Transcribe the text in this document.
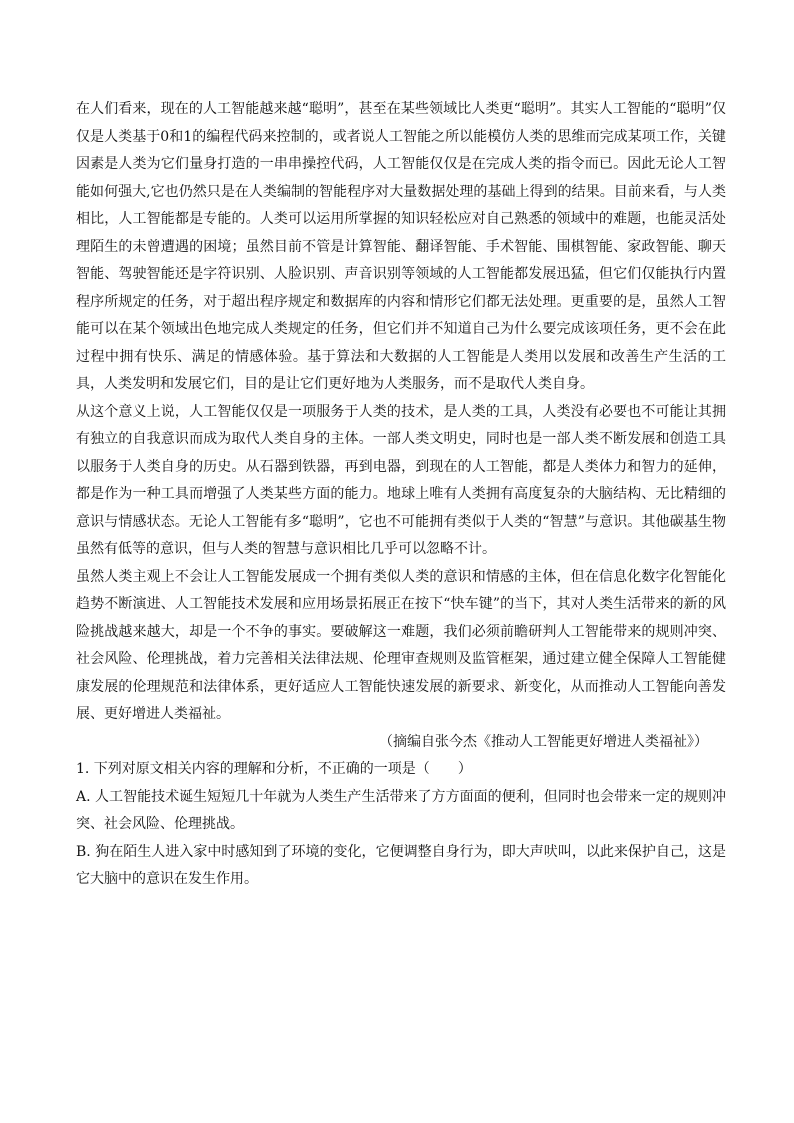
在人们看来，现在的人工智能越来越“聪明”，甚至在某些领域比人类更“聪明”。其实人工智能的“聪明”仅仅是人类基于0和1的编程代码来控制的，或者说人工智能之所以能模仿人类的思维而完成某项工作，关键因素是人类为它们量身打造的一串串操控代码，人工智能仅仅是在完成人类的指令而已。因此无论人工智能如何强大,它也仍然只是在人类编制的智能程序对大量数据处理的基础上得到的结果。目前来看，与人类相比，人工智能都是专能的。人类可以运用所掌握的知识轻松应对自己熟悉的领域中的难题，也能灵活处理陌生的未曾遭遇的困境；虽然目前不管是计算智能、翻译智能、手术智能、围棋智能、家政智能、聊天智能、驾驶智能还是字符识别、人脸识别、声音识别等领域的人工智能都发展迅猛，但它们仅能执行内置程序所规定的任务，对于超出程序规定和数据库的内容和情形它们都无法处理。更重要的是，虽然人工智能可以在某个领域出色地完成人类规定的任务，但它们并不知道自己为什么要完成该项任务，更不会在此过程中拥有快乐、满足的情感体验。基于算法和大数据的人工智能是人类用以发展和改善生产生活的工具，人类发明和发展它们，目的是让它们更好地为人类服务，而不是取代人类自身。

从这个意义上说，人工智能仅仅是一项服务于人类的技术，是人类的工具，人类没有必要也不可能让其拥有独立的自我意识而成为取代人类自身的主体。一部人类文明史，同时也是一部人类不断发展和创造工具以服务于人类自身的历史。从石器到铁器，再到电器，到现在的人工智能，都是人类体力和智力的延伸，都是作为一种工具而增强了人类某些方面的能力。地球上唯有人类拥有高度复杂的大脑结构、无比精细的意识与情感状态。无论人工智能有多“聪明”，它也不可能拥有类似于人类的“智慧”与意识。其他碳基生物虽然有低等的意识，但与人类的智慧与意识相比几乎可以忽略不计。

虽然人类主观上不会让人工智能发展成一个拥有类似人类的意识和情感的主体，但在信息化数字化智能化趋势不断演进、人工智能技术发展和应用场景拓展正在按下“快车键”的当下，其对人类生活带来的新的风险挑战越来越大，却是一个不争的事实。要破解这一难题，我们必须前瞻研判人工智能带来的规则冲突、社会风险、伦理挑战，着力完善相关法律法规、伦理审查规则及监管框架，通过建立健全保障人工智能健康发展的伦理规范和法律体系，更好适应人工智能快速发展的新要求、新变化，从而推动人工智能向善发展、更好增进人类福祉。

（摘编自张今杰《推动人工智能更好增进人类福祉》）

1. 下列对原文相关内容的理解和分析，不正确的一项是（ ）

A. 人工智能技术诞生短短几十年就为人类生产生活带来了方方面面的便利，但同时也会带来一定的规则冲突、社会风险、伦理挑战。

B. 狗在陌生人进入家中时感知到了环境的变化，它便调整自身行为，即大声吠叫，以此来保护自己，这是它大脑中的意识在发生作用。
